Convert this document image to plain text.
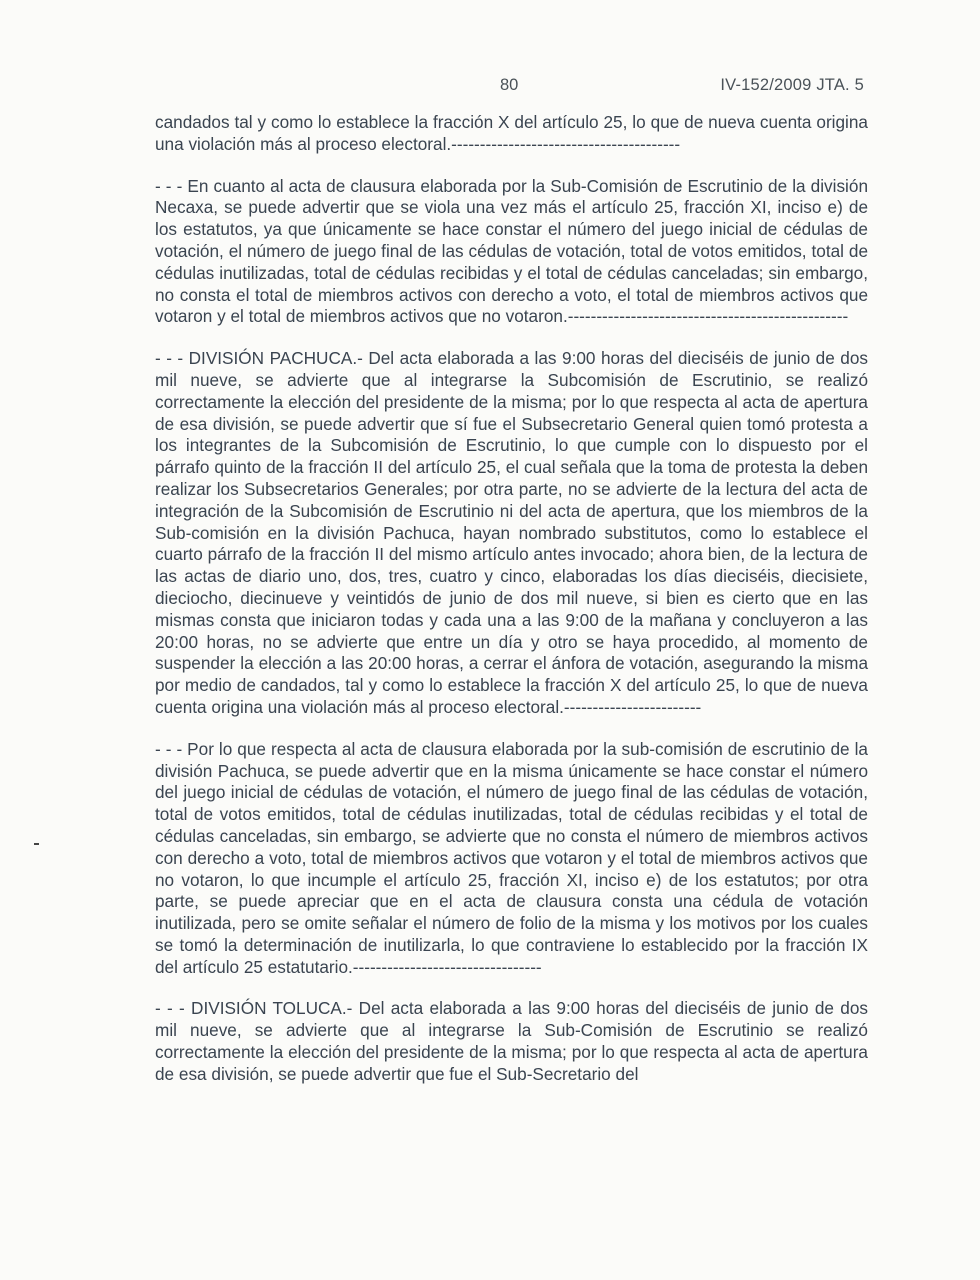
80	IV-152/2009 JTA. 5

candados tal y como lo establece la fracción X del artículo 25, lo que de nueva cuenta origina una violación más al proceso electoral.----------------------------------------

- - - En cuanto al acta de clausura elaborada por la Sub-Comisión de Escrutinio de la división Necaxa, se puede advertir que se viola una vez más el artículo 25, fracción XI, inciso e) de los estatutos, ya que únicamente se hace constar el número del juego inicial de cédulas de votación, el número de juego final de las cédulas de votación, total de votos emitidos, total de cédulas inutilizadas, total de cédulas recibidas y el total de cédulas canceladas; sin embargo, no consta el total de miembros activos con derecho a voto, el total de miembros activos que votaron y el total de miembros activos que no votaron.-------------------------------------------------

- - - DIVISIÓN PACHUCA.- Del acta elaborada a las 9:00 horas del dieciséis de junio de dos mil nueve, se advierte que al integrarse la Subcomisión de Escrutinio, se realizó correctamente la elección del presidente de la misma; por lo que respecta al acta de apertura de esa división, se puede advertir que sí fue el Subsecretario General quien tomó protesta a los integrantes de la Subcomisión de Escrutinio, lo que cumple con lo dispuesto por el párrafo quinto de la fracción II del artículo 25, el cual señala que la toma de protesta la deben realizar los Subsecretarios Generales; por otra parte, no se advierte de la lectura del acta de integración de la Subcomisión de Escrutinio ni del acta de apertura, que los miembros de la Sub-comisión en la división Pachuca, hayan nombrado substitutos, como lo establece el cuarto párrafo de la fracción II del mismo artículo antes invocado; ahora bien, de la lectura de las actas de diario uno, dos, tres, cuatro y cinco, elaboradas los días dieciséis, diecisiete, dieciocho, diecinueve y veintidós de junio de dos mil nueve, si bien es cierto que en las mismas consta que iniciaron todas y cada una a las 9:00 de la mañana y concluyeron a las 20:00 horas, no se advierte que entre un día y otro se haya procedido, al momento de suspender la elección a las 20:00 horas, a cerrar el ánfora de votación, asegurando la misma por medio de candados, tal y como lo establece la fracción X del artículo 25, lo que de nueva cuenta origina una violación más al proceso electoral.------------------------

- - - Por lo que respecta al acta de clausura elaborada por la sub-comisión de escrutinio de la división Pachuca, se puede advertir que en la misma únicamente se hace constar el número del juego inicial de cédulas de votación, el número de juego final de las cédulas de votación, total de votos emitidos, total de cédulas inutilizadas, total de cédulas recibidas y el total de cédulas canceladas, sin embargo, se advierte que no consta el número de miembros activos con derecho a voto, total de miembros activos que votaron y el total de miembros activos que no votaron, lo que incumple el artículo 25, fracción XI, inciso e) de los estatutos; por otra parte, se puede apreciar que en el acta de clausura consta una cédula de votación inutilizada, pero se omite señalar el número de folio de la misma y los motivos por los cuales se tomó la determinación de inutilizarla, lo que contraviene lo establecido por la fracción IX del artículo 25 estatutario.---------------------------------

- - - DIVISIÓN TOLUCA.- Del acta elaborada a las 9:00 horas del dieciséis de junio de dos mil nueve, se advierte que al integrarse la Sub-Comisión de Escrutinio se realizó correctamente la elección del presidente de la misma; por lo que respecta al acta de apertura de esa división, se puede advertir que fue el Sub-Secretario del
